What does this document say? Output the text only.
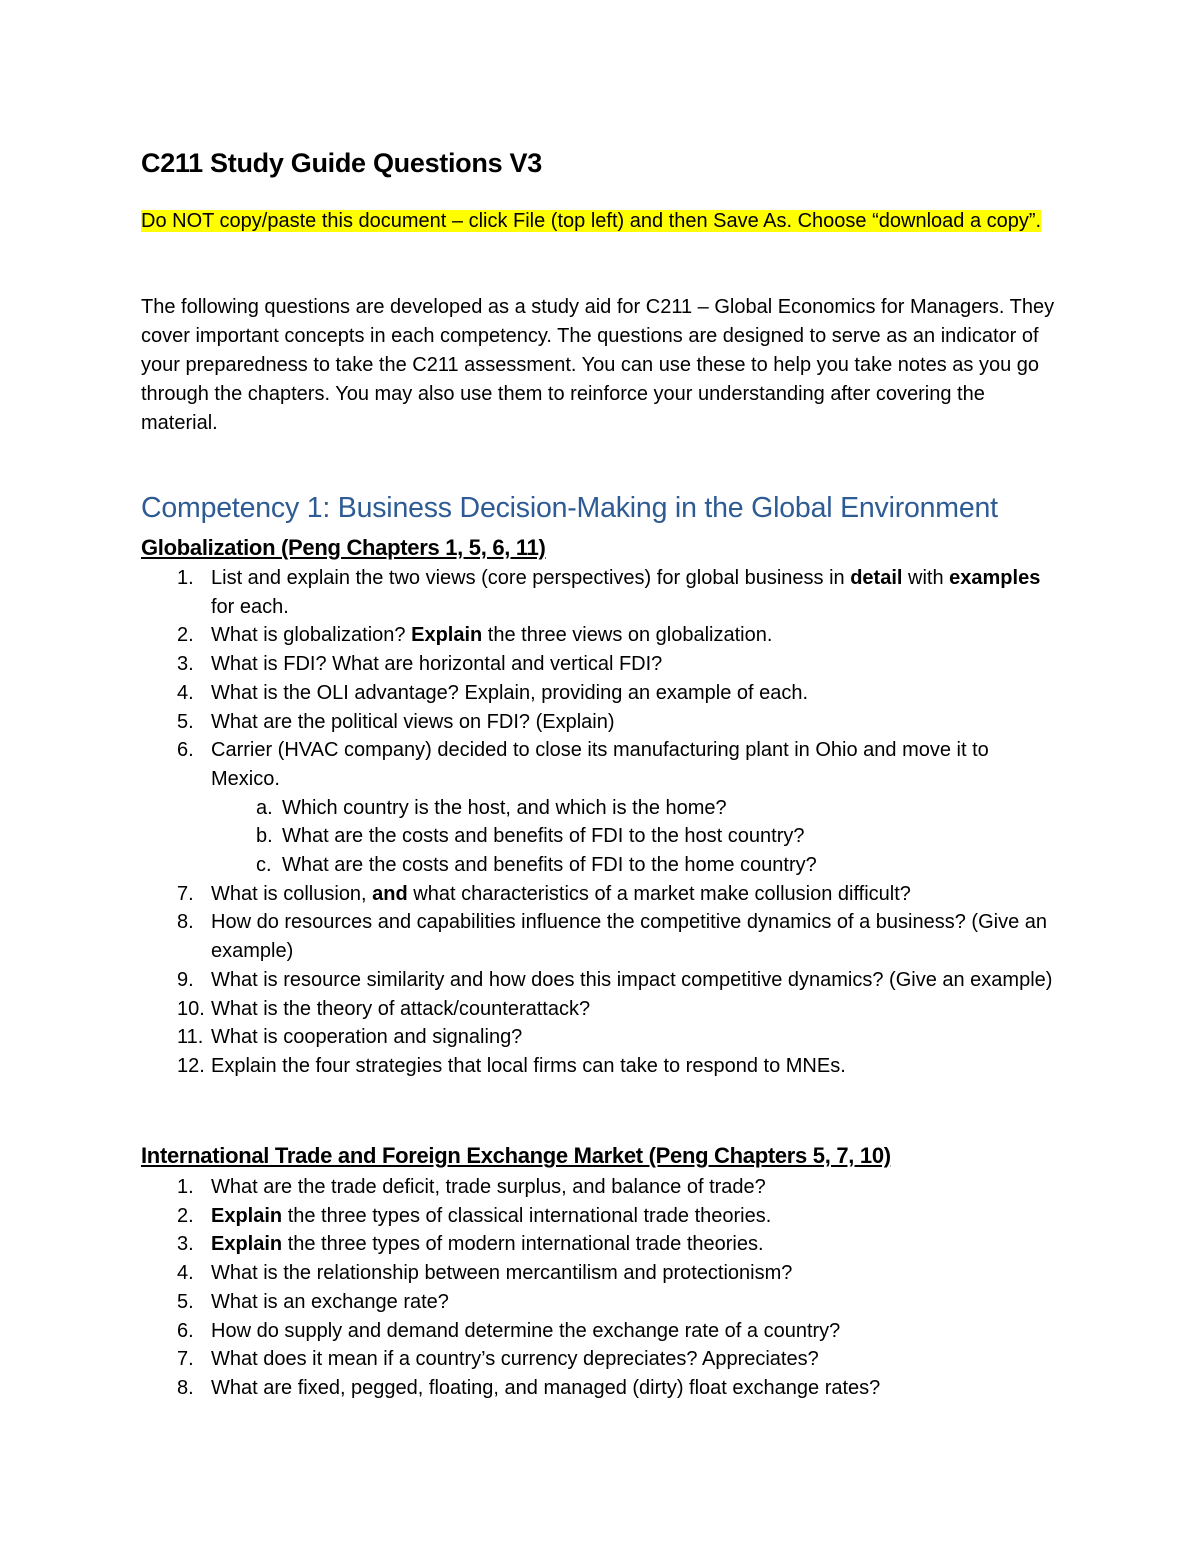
C211 Study Guide Questions V3
Do NOT copy/paste this document – click File (top left) and then Save As. Choose “download a copy”.
The following questions are developed as a study aid for C211 – Global Economics for Managers. They cover important concepts in each competency. The questions are designed to serve as an indicator of your preparedness to take the C211 assessment. You can use these to help you take notes as you go through the chapters. You may also use them to reinforce your understanding after covering the material.
Competency 1: Business Decision-Making in the Global Environment
Globalization (Peng Chapters 1, 5, 6, 11)
1. List and explain the two views (core perspectives) for global business in detail with examples for each.
2. What is globalization? Explain the three views on globalization.
3. What is FDI? What are horizontal and vertical FDI?
4. What is the OLI advantage? Explain, providing an example of each.
5. What are the political views on FDI? (Explain)
6. Carrier (HVAC company) decided to close its manufacturing plant in Ohio and move it to Mexico.
a. Which country is the host, and which is the home?
b. What are the costs and benefits of FDI to the host country?
c. What are the costs and benefits of FDI to the home country?
7. What is collusion, and what characteristics of a market make collusion difficult?
8. How do resources and capabilities influence the competitive dynamics of a business? (Give an example)
9. What is resource similarity and how does this impact competitive dynamics? (Give an example)
10. What is the theory of attack/counterattack?
11. What is cooperation and signaling?
12. Explain the four strategies that local firms can take to respond to MNEs.
International Trade and Foreign Exchange Market (Peng Chapters 5, 7, 10)
1. What are the trade deficit, trade surplus, and balance of trade?
2. Explain the three types of classical international trade theories.
3. Explain the three types of modern international trade theories.
4. What is the relationship between mercantilism and protectionism?
5. What is an exchange rate?
6. How do supply and demand determine the exchange rate of a country?
7. What does it mean if a country’s currency depreciates? Appreciates?
8. What are fixed, pegged, floating, and managed (dirty) float exchange rates?
